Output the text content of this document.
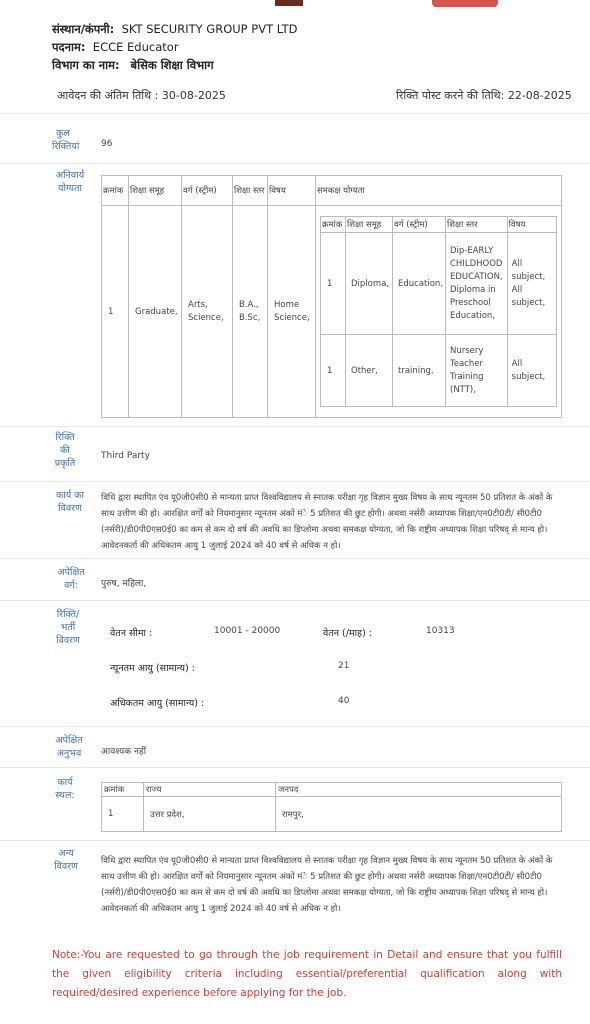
संस्थान/कंपनी: SKT SECURITY GROUP PVT LTD
पदनाम: ECCE Educator
विभाग का नाम: बेसिक शिक्षा विभाग
आवेदन की अंतिम तिथि : 30-08-2025	रिक्ति पोस्ट करने की तिथि: 22-08-2025
कुल रिक्तियां 96
अनिवार्य योग्यता	क्रमांक	शिक्षा समूह	वर्ग (स्ट्रीम)	शिक्षा स्तर	विषय	समकक्ष योग्यता
1	Graduate,	Arts, Science,	B.A., B.Sc,	Home Science,	
क्रमांक	शिक्षा समूह	वर्ग (स्ट्रीम)	शिक्षा स्तर	विषय
1	Diploma,	Education,	Dip-EARLY CHILDHOOD EDUCATION, Diploma in Preschool Education,	All subject, All subject,
1	Other,	training,	Nursery Teacher Training (NTT),	All subject,
रिक्ति की प्रकृति
Third Party
कार्य का विवरण
विधि द्वारा स्थापित एंव यू0जी0सी0 से मान्यता प्राप्त विश्वविद्यालय से स्नातक परीक्षा गृह विज्ञान मुख्य विषय के साथ न्यूनतम 50 प्रतिशत के अंकों के साथ उत्तीण की हो। आरक्षित वर्गों को नियमानुसार न्यूनतम अंकों मंे 5 प्रतिशत की छुट होगी। अथवा नर्सरी अध्यापक शिक्षा/एन0टी0टी/ सी0टी0 (नर्सरी)/डी0पी0एस0ई0 का कम से कम दो वर्ष की अवधि का डिप्लोमा अथवा समकक्ष योग्यता, जो कि राष्ट्रीय अध्यापक शिक्षा परिषद् से मान्य हो। आवेदनकर्ता की अधिकतम आयु 1 जुलाई 2024 को 40 वर्ष से अधिक न हो।
अपेक्षित वर्ग:	पुरुष, महिला,
रिक्ति/ भर्ती विवरण
वेतन सीमा :	10001 - 20000	वेतन (/माह) :	10313
न्यूनतम आयु (सामान्य) :	21
अधिकतम आयु (सामान्य) :	40
अपेक्षित अनुभव	आवश्यक नहीं
कार्य स्थल:	क्रमांक	राज्य	जनपद
1	उत्तर प्रदेश,	रामपुर,
अन्य विवरण	विधि द्वारा स्थापित एंव यू0जी0सी0 से मान्यता प्राप्त विश्वविद्यालय से स्नातक परीक्षा गृह विज्ञान मुख्य विषय के साथ न्यूनतम 50 प्रतिशत के अंकों के साथ उत्तीण की हो। आरक्षित वर्गों को नियमानुसार न्यूनतम अंकों मंे 5 प्रतिशत की छुट होगी। अथवा नर्सरी अध्यापक शिक्षा/एन0टी0टी/ सी0टी0 (नर्सरी)/डी0पी0एस0ई0 का कम से कम दो वर्ष की अवधि का डिप्लोमा अथवा समकक्ष योग्यता, जो कि राष्ट्रीय अध्यापक शिक्षा परिषद् से मान्य हो। आवेदनकर्ता की अधिकतम आयु 1 जुलाई 2024 को 40 वर्ष से अधिक न हो।
Note:-You are requested to go through the job requirement in Detail and ensure that you fulfill the given eligibility criteria including essential/preferential qualification along with required/desired experience before applying for the job.
